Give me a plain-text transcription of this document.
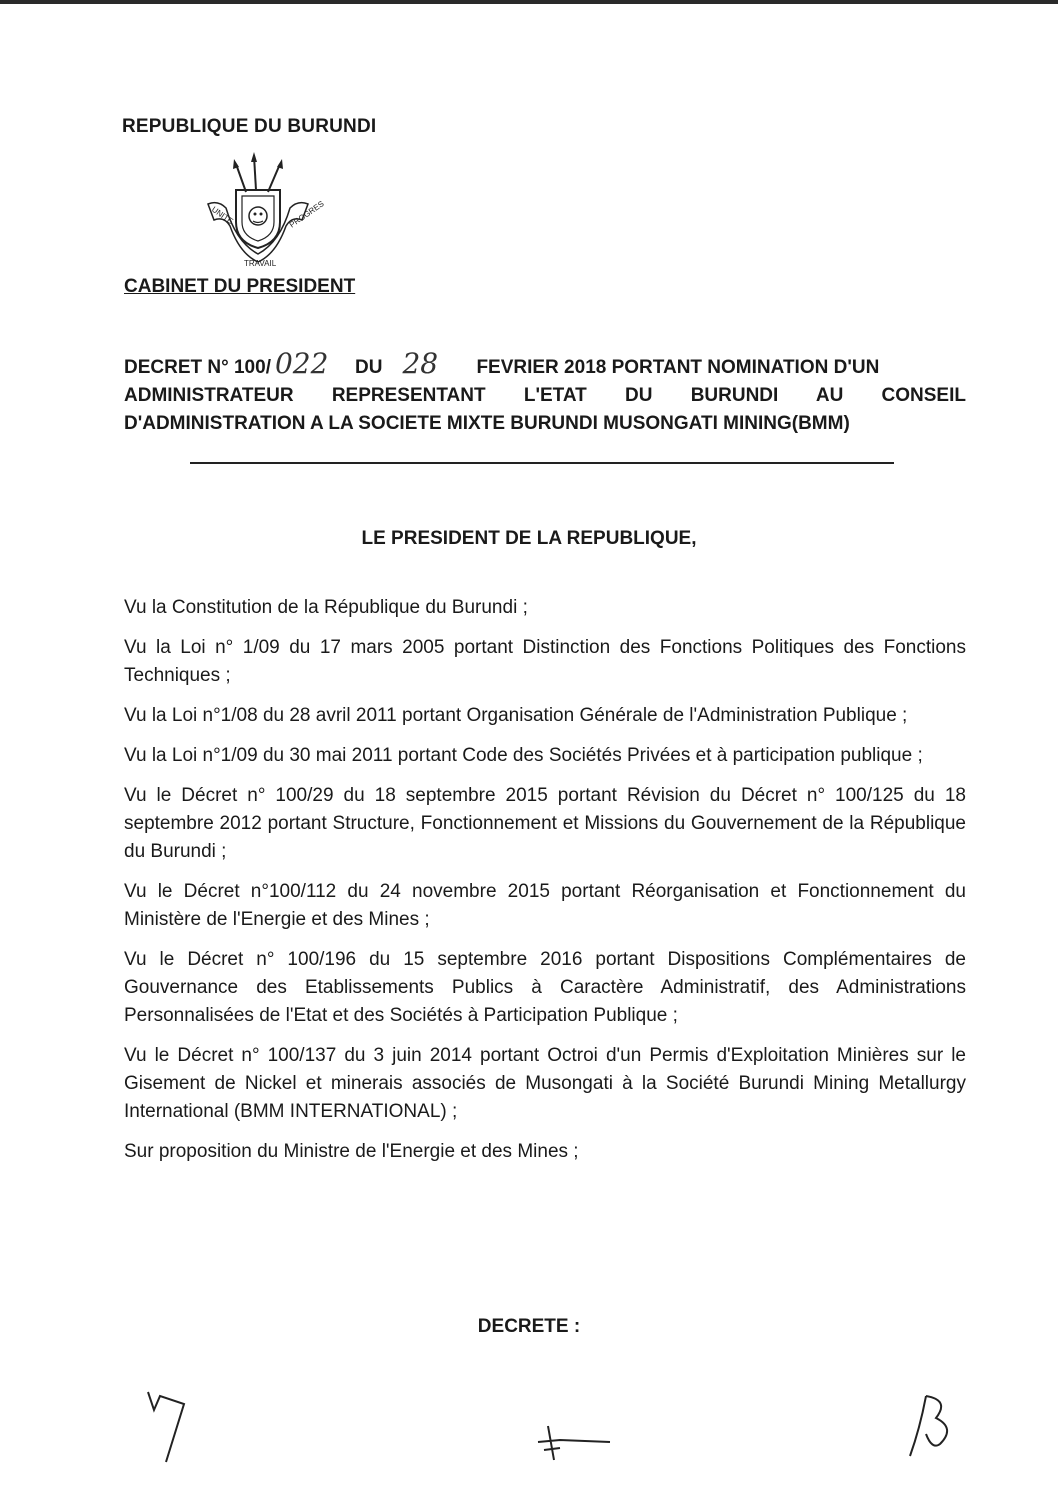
REPUBLIQUE DU BURUNDI
UNITE
TRAVAIL
PROGRES
CABINET DU PRESIDENT
DECRET N° 100/ 022	DU 28	FEVRIER 2018 PORTANT NOMINATION D'UN
ADMINISTRATEUR REPRESENTANT L'ETAT DU BURUNDI AU CONSEIL
D'ADMINISTRATION A LA SOCIETE MIXTE BURUNDI MUSONGATI MINING(BMM)
LE PRESIDENT DE LA REPUBLIQUE,

Vu la Constitution de la République du Burundi ;

Vu la Loi n° 1/09 du 17 mars 2005 portant Distinction des Fonctions Politiques des Fonctions Techniques ;

Vu la Loi n°1/08 du 28 avril 2011 portant Organisation Générale de l'Administration Publique ;

Vu la Loi n°1/09 du 30 mai 2011 portant Code des Sociétés Privées et à participation publique ;

Vu le Décret n° 100/29 du 18 septembre 2015 portant Révision du Décret n° 100/125 du 18 septembre 2012 portant Structure, Fonctionnement et Missions du Gouvernement de la République du Burundi ;

Vu le Décret n°100/112 du 24 novembre 2015 portant Réorganisation et Fonctionnement du Ministère de l'Energie et des Mines ;

Vu le Décret n° 100/196 du 15 septembre 2016 portant Dispositions Complémentaires de Gouvernance des Etablissements Publics à Caractère Administratif, des Administrations Personnalisées de l'Etat et des Sociétés à Participation Publique ;

Vu le Décret n° 100/137 du 3 juin 2014 portant Octroi d'un Permis d'Exploitation Minières sur le Gisement de Nickel et minerais associés de Musongati à la Société Burundi Mining Metallurgy International (BMM INTERNATIONAL) ;

Sur proposition du Ministre de l'Energie et des Mines ;

DECRETE :
